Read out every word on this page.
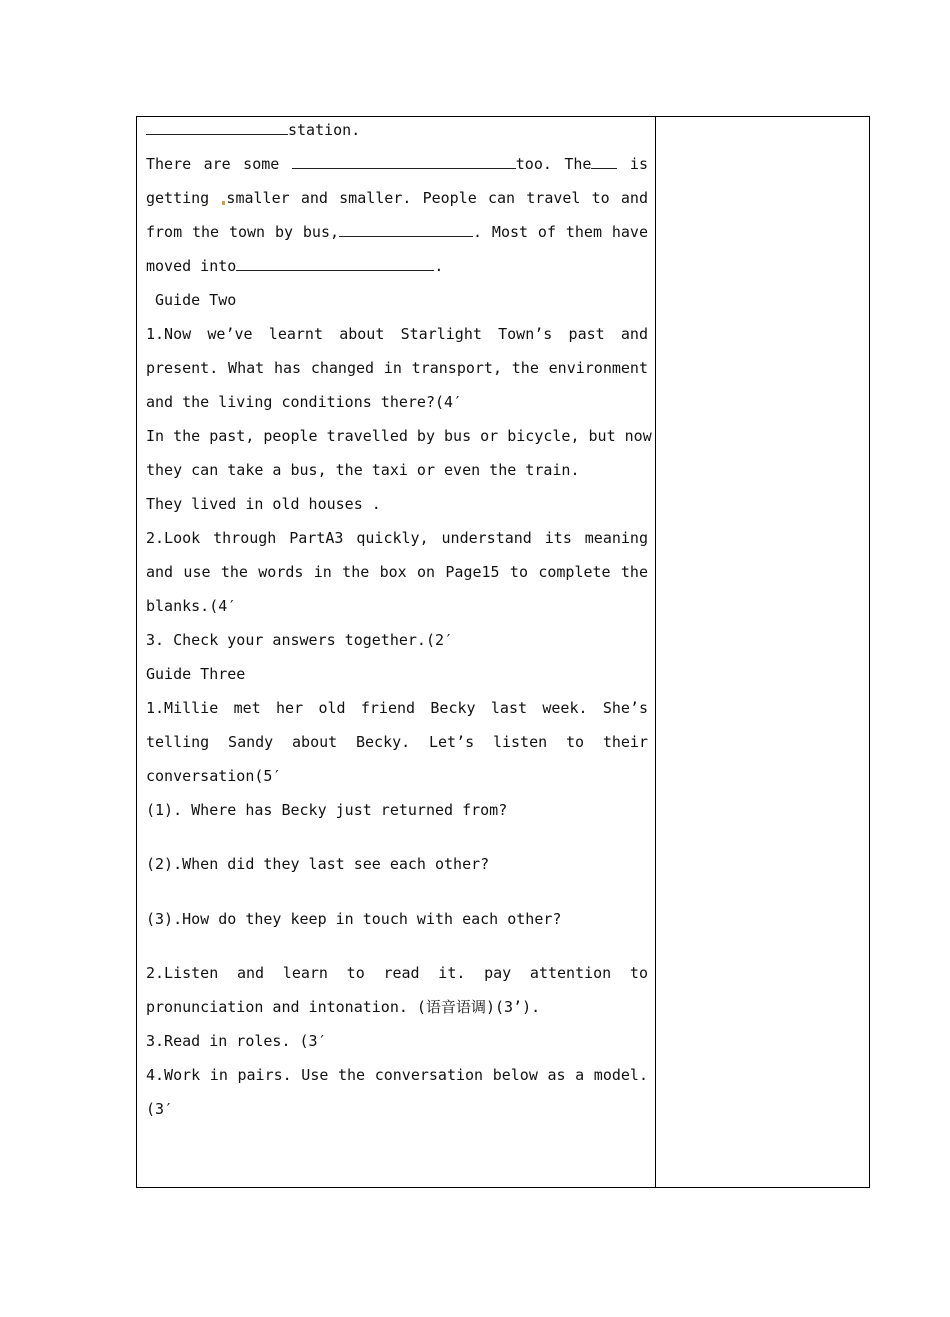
station.
There are some	too. The is
getting smaller and smaller. People can travel to and
from the town by bus,	. Most of them have
moved into	.
Guide Two
1.Now we’ve learnt about Starlight Town’s past and
present. What has changed in transport, the environment
and the living conditions there?(4′
In the past, people travelled by bus or bicycle, but now
they can take a bus, the taxi or even the train.
They lived in old houses .
2.Look through PartA3 quickly, understand its meaning
and use the words in the box on Page15 to complete the
blanks.(4′
3. Check your answers together.(2′
Guide Three
1.Millie met her old friend Becky last week. She’s
telling Sandy about Becky. Let’s listen to their
conversation(5′
(1). Where has Becky just returned from?
(2).When did they last see each other?
(3).How do they keep in touch with each other?
2.Listen and learn to read it. pay attention to
pronunciation and intonation. (语音语调)(3’).
3.Read in roles. (3′
4.Work in pairs. Use the conversation below as a model.
(3′
